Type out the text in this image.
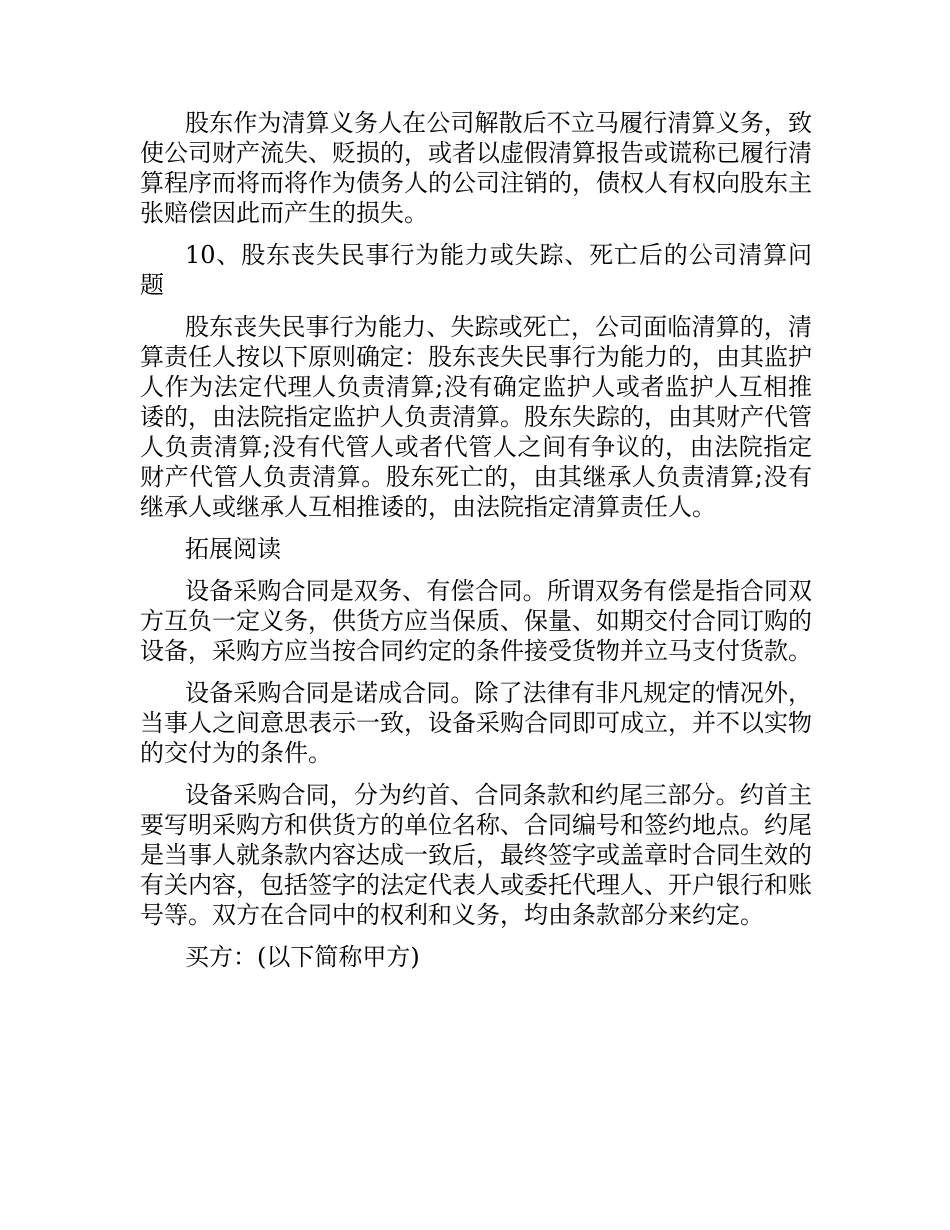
股东作为清算义务人在公司解散后不立马履行清算义务，致使公司财产流失、贬损的，或者以虚假清算报告或谎称已履行清算程序而将而将作为债务人的公司注销的，债权人有权向股东主张赔偿因此而产生的损失。

10、股东丧失民事行为能力或失踪、死亡后的公司清算问题

股东丧失民事行为能力、失踪或死亡，公司面临清算的，清算责任人按以下原则确定：股东丧失民事行为能力的，由其监护人作为法定代理人负责清算;没有确定监护人或者监护人互相推诿的，由法院指定监护人负责清算。股东失踪的，由其财产代管人负责清算;没有代管人或者代管人之间有争议的，由法院指定财产代管人负责清算。股东死亡的，由其继承人负责清算;没有继承人或继承人互相推诿的，由法院指定清算责任人。

拓展阅读

设备采购合同是双务、有偿合同。所谓双务有偿是指合同双方互负一定义务，供货方应当保质、保量、如期交付合同订购的设备，采购方应当按合同约定的条件接受货物并立马支付货款。

设备采购合同是诺成合同。除了法律有非凡规定的情况外，当事人之间意思表示一致，设备采购合同即可成立，并不以实物的交付为的条件。

设备采购合同，分为约首、合同条款和约尾三部分。约首主要写明采购方和供货方的单位名称、合同编号和签约地点。约尾是当事人就条款内容达成一致后，最终签字或盖章时合同生效的有关内容，包括签字的法定代表人或委托代理人、开户银行和账号等。双方在合同中的权利和义务，均由条款部分来约定。

买方：(以下简称甲方)
